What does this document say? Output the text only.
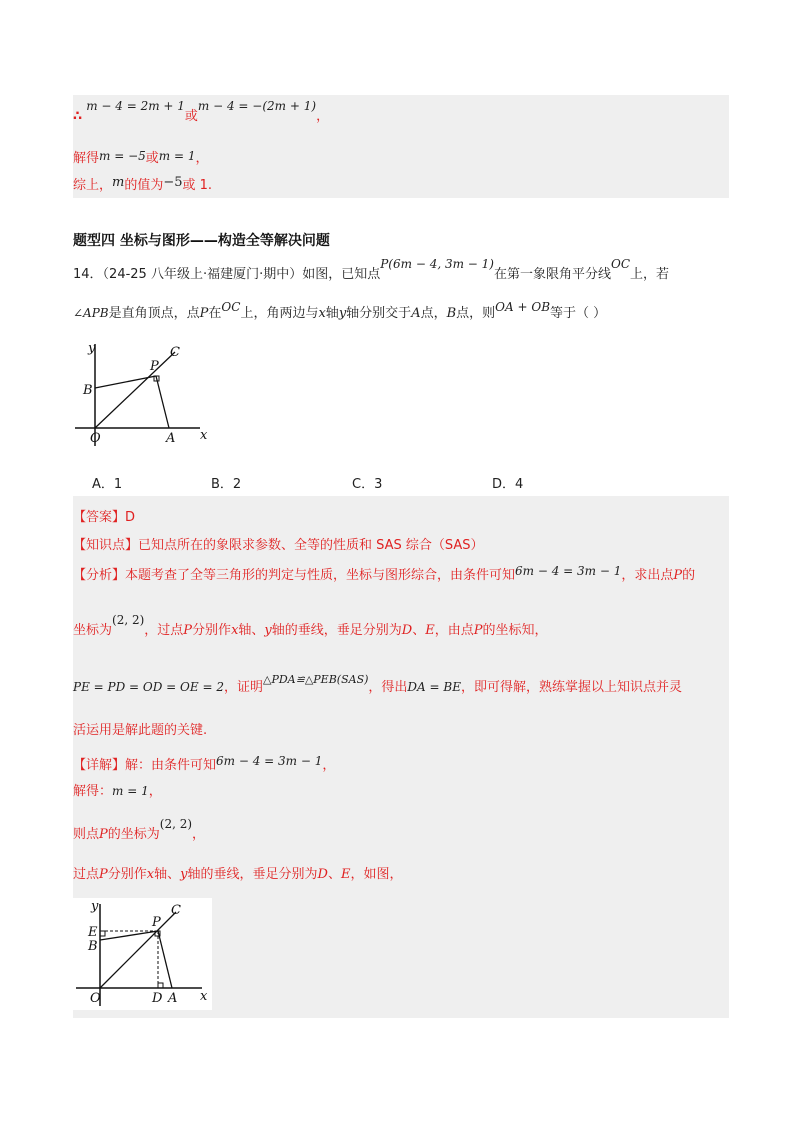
∴ m − 4 = 2m + 1或m − 4 = −(2m + 1)，
解得m = −5或m = 1，
综上，m的值为−5或 1.
题型四 坐标与图形——构造全等解决问题
14．（24-25 八年级上·福建厦门·期中）如图，已知点P(6m − 4, 3m − 1)在第一象限角平分线OC上，若
∠APB是直角顶点，点P在OC上，角两边与x轴y轴分别交于A点，B点，则OA + OB等于（ ）
y
x
C
P
B
O	A
A．1	B．2	C．3	D．4
【答案】D
【知识点】已知点所在的象限求参数、全等的性质和 SAS 综合（SAS）
【分析】本题考查了全等三角形的判定与性质，坐标与图形综合，由条件可知6m − 4 = 3m − 1，求出点P的
坐标为(2, 2)，过点P分别作x轴、y轴的垂线，垂足分别为D、E，由点P的坐标知，
PE = PD = OD = OE = 2，证明$^{\triangle PDA≌\triangle PEB(SAS)}$，得出DA = BE，即可得解，熟练掌握以上知识点并灵
活运用是解此题的关键.
【详解】解：由条件可知6m − 4 = 3m − 1，
解得：m = 1，
则点P的坐标为(2, 2)，
过点P分别作x轴、y轴的垂线，垂足分别为D、E，如图，
y
x
C
P
E
B
O	D A
